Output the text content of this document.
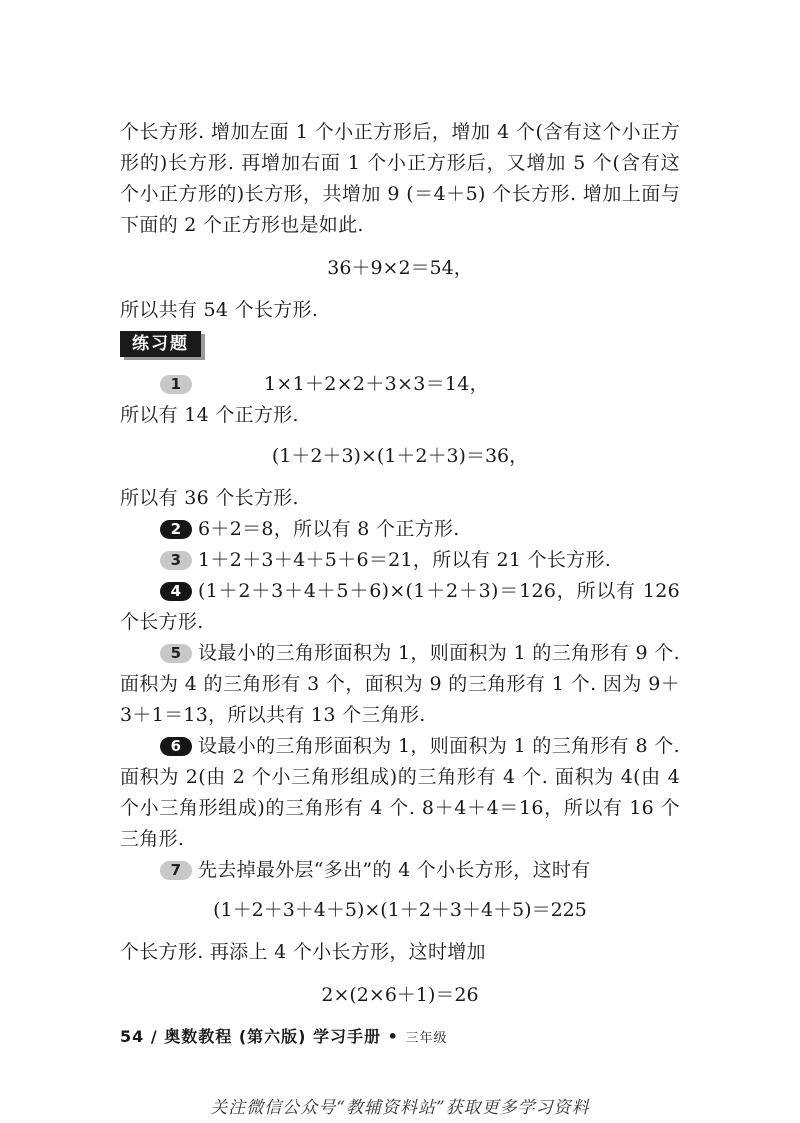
个长方形. 增加左面 1 个小正方形后，增加 4 个(含有这个小正方形的)长方形. 再增加右面 1 个小正方形后，又增加 5 个(含有这个小正方形的)长方形，共增加 9 (＝4＋5) 个长方形. 增加上面与下面的 2 个正方形也是如此.
36＋9×2＝54，
所以共有 54 个长方形.
练习题
1	1×1＋2×2＋3×3＝14，
所以有 14 个正方形.
(1＋2＋3)×(1＋2＋3)＝36，
所以有 36 个长方形.
2 6＋2＝8，所以有 8 个正方形.
3 1＋2＋3＋4＋5＋6＝21，所以有 21 个长方形.
4 (1＋2＋3＋4＋5＋6)×(1＋2＋3)＝126，所以有 126 个长方形.
5 设最小的三角形面积为 1，则面积为 1 的三角形有 9 个. 面积为 4 的三角形有 3 个，面积为 9 的三角形有 1 个. 因为 9＋3＋1＝13，所以共有 13 个三角形.
6 设最小的三角形面积为 1，则面积为 1 的三角形有 8 个. 面积为 2(由 2 个小三角形组成)的三角形有 4 个. 面积为 4(由 4 个小三角形组成)的三角形有 4 个. 8＋4＋4＝16，所以有 16 个三角形.
7 先去掉最外层“多出”的 4 个小长方形，这时有
(1＋2＋3＋4＋5)×(1＋2＋3＋4＋5)＝225
个长方形. 再添上 4 个小长方形，这时增加
2×(2×6＋1)＝26
54 / 奥数教程 (第六版) 学习手册 • 三年级
关注微信公众号“教辅资料站”获取更多学习资料
